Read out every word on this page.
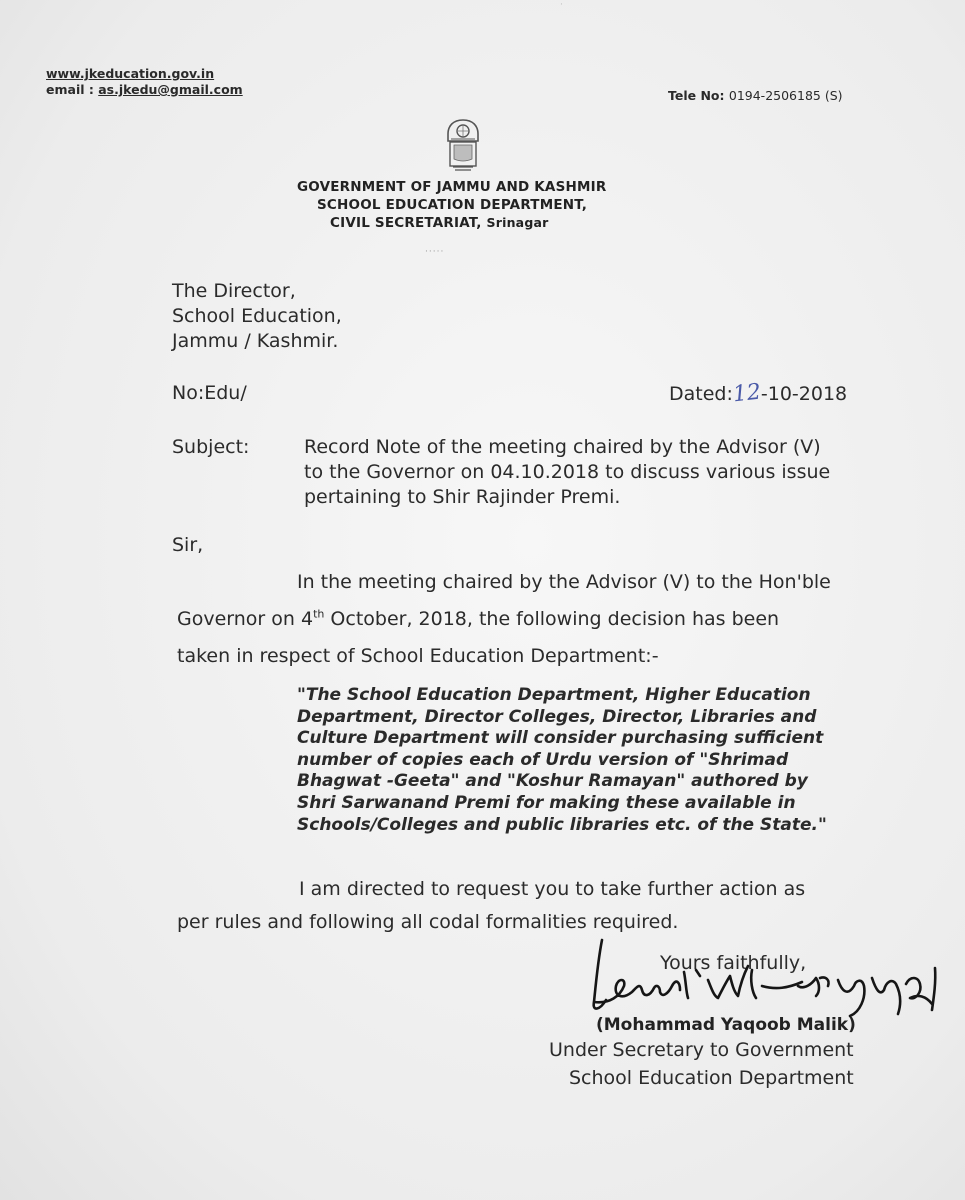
·
www.jkeducation.gov.in
email : as.jkedu@gmail.com	Tele No: 0194-2506185 (S)
GOVERNMENT OF JAMMU AND KASHMIR
SCHOOL EDUCATION DEPARTMENT,
CIVIL SECRETARIAT, Srinagar
·····
The Director,
School Education,
Jammu / Kashmir.
No:Edu/	Dated:12-10-2018
Subject:	Record Note of the meeting chaired by the Advisor (V)
to the Governor on 04.10.2018 to discuss various issue
pertaining to Shir Rajinder Premi.
Sir,
In the meeting chaired by the Advisor (V) to the Hon'ble
Governor on 4th October, 2018, the following decision has been
taken in respect of School Education Department:-
"The School Education Department, Higher Education
Department, Director Colleges, Director, Libraries and
Culture Department will consider purchasing sufficient
number of copies each of Urdu version of "Shrimad
Bhagwat -Geeta" and "Koshur Ramayan" authored by
Shri Sarwanand Premi for making these available in
Schools/Colleges and public libraries etc. of the State."
I am directed to request you to take further action as
per rules and following all codal formalities required.
Yours faithfully,
(Mohammad Yaqoob Malik)
Under Secretary to Government
School Education Department
